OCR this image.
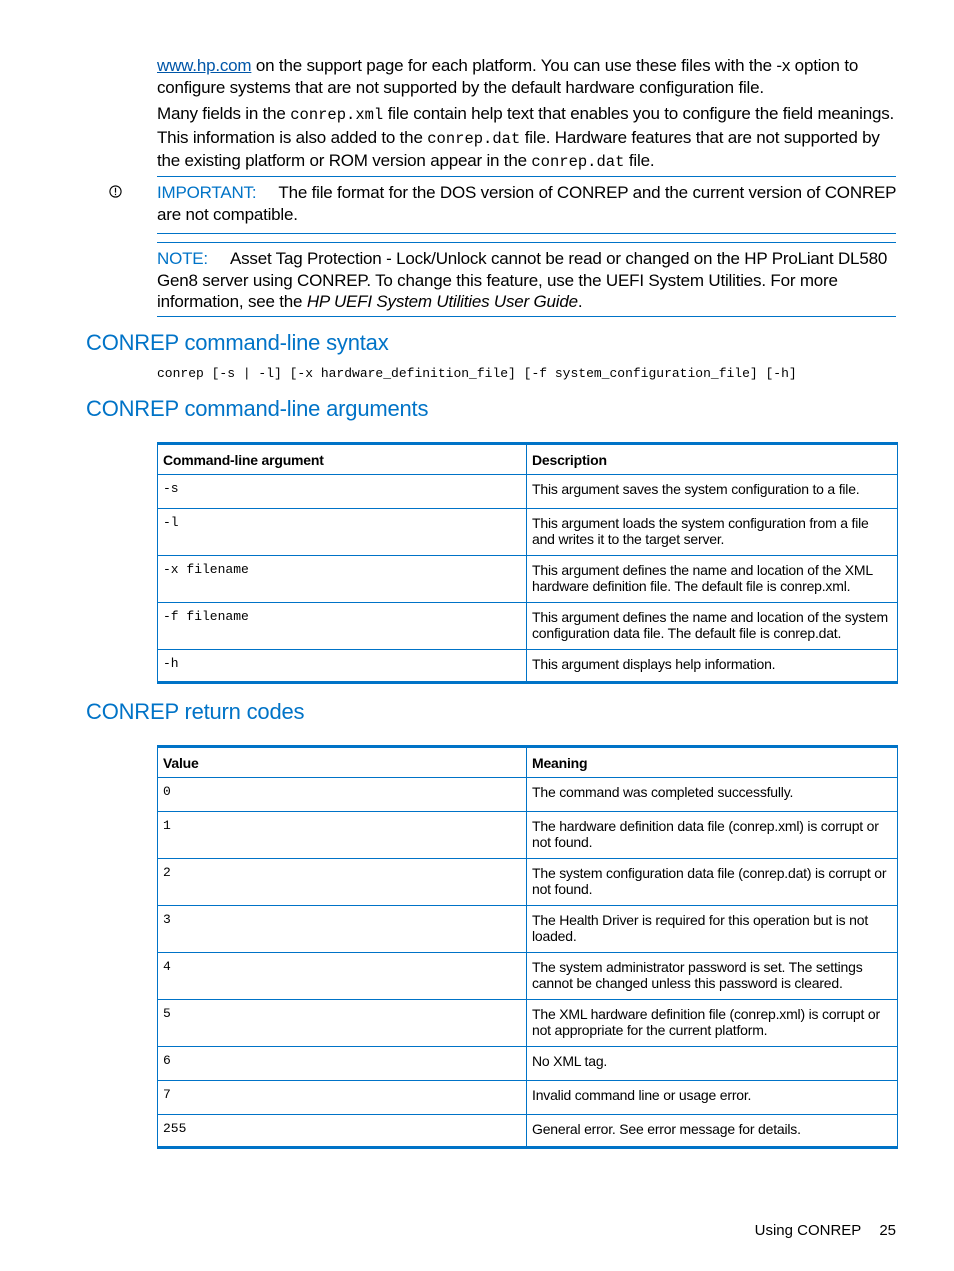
www.hp.com on the support page for each platform. You can use these files with the -x option to configure systems that are not supported by the default hardware configuration file.

Many fields in the conrep.xml file contain help text that enables you to configure the field meanings. This information is also added to the conrep.dat file. Hardware features that are not supported by the existing platform or ROM version appear in the conrep.dat file.

IMPORTANT: The file format for the DOS version of CONREP and the current version of CONREP are not compatible.

NOTE: Asset Tag Protection - Lock/Unlock cannot be read or changed on the HP ProLiant DL580 Gen8 server using CONREP. To change this feature, use the UEFI System Utilities. For more information, see the HP UEFI System Utilities User Guide.

CONREP command-line syntax
conrep [-s | -l] [-x hardware_definition_file] [-f system_configuration_file] [-h]
CONREP command-line arguments
Command-line argument	Description
-s	This argument saves the system configuration to a file.
-l	This argument loads the system configuration from a file and writes it to the target server.
-x filename	This argument defines the name and location of the XML hardware definition file. The default file is conrep.xml.
-f filename	This argument defines the name and location of the system configuration data file. The default file is conrep.dat.
-h	This argument displays help information.
CONREP return codes
Value	Meaning
0	The command was completed successfully.
1	The hardware definition data file (conrep.xml) is corrupt or not found.
2	The system configuration data file (conrep.dat) is corrupt or not found.
3	The Health Driver is required for this operation but is not loaded.
4	The system administrator password is set. The settings cannot be changed unless this password is cleared.
5	The XML hardware definition file (conrep.xml) is corrupt or not appropriate for the current platform.
6	No XML tag.
7	Invalid command line or usage error.
255	General error. See error message for details.
Using CONREP 25
